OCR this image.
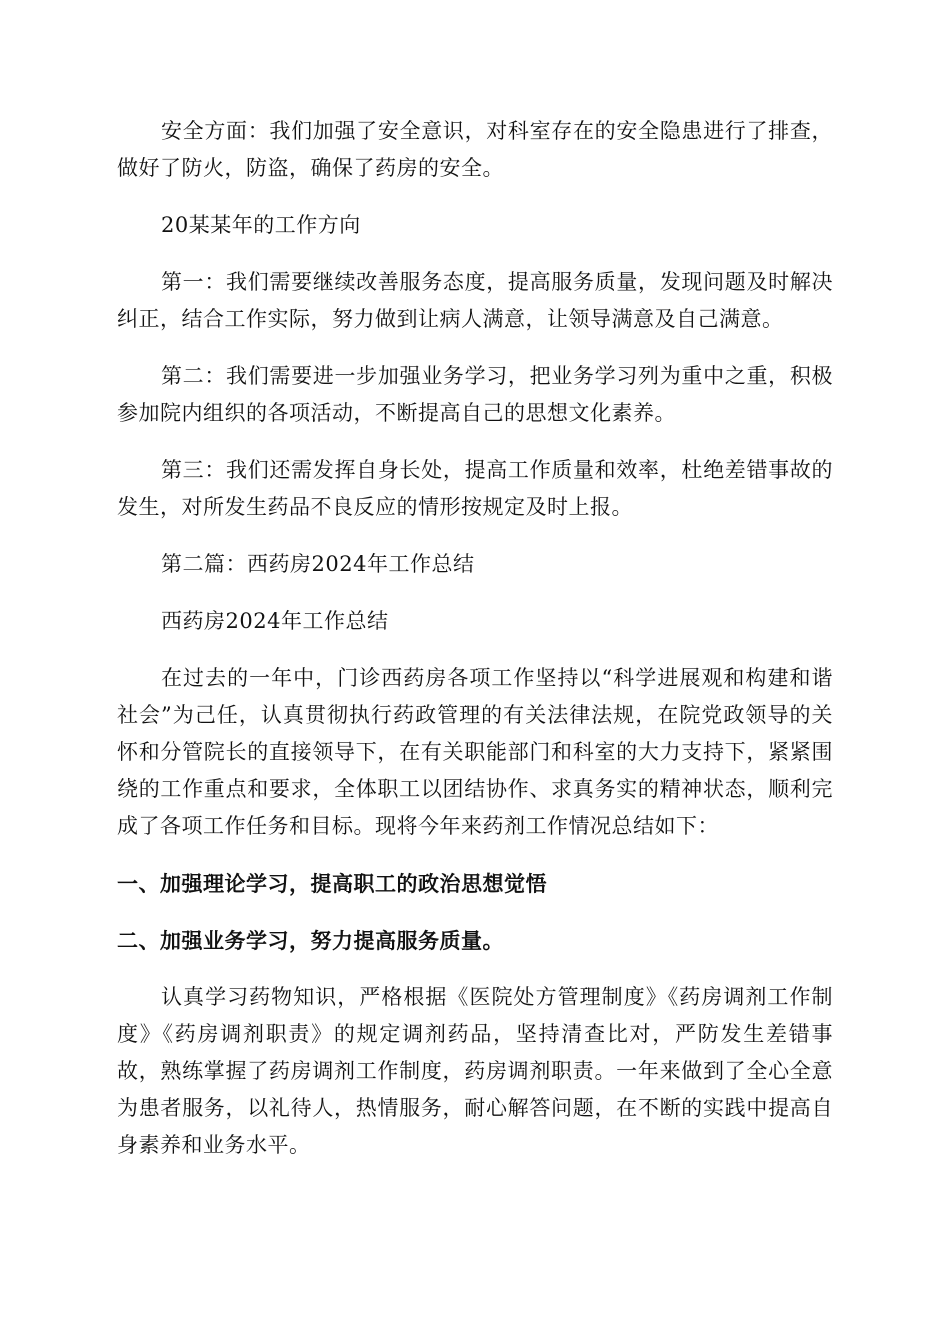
安全方面：我们加强了安全意识，对科室存在的安全隐患进行了排查，做好了防火，防盗，确保了药房的安全。

20某某年的工作方向

第一：我们需要继续改善服务态度，提高服务质量，发现问题及时解决纠正，结合工作实际，努力做到让病人满意，让领导满意及自己满意。

第二：我们需要进一步加强业务学习，把业务学习列为重中之重，积极参加院内组织的各项活动，不断提高自己的思想文化素养。

第三：我们还需发挥自身长处，提高工作质量和效率，杜绝差错事故的发生，对所发生药品不良反应的情形按规定及时上报。

第二篇：西药房2024年工作总结

西药房2024年工作总结

在过去的一年中，门诊西药房各项工作坚持以“科学进展观和构建和谐社会”为己任，认真贯彻执行药政管理的有关法律法规，在院党政领导的关怀和分管院长的直接领导下，在有关职能部门和科室的大力支持下，紧紧围绕的工作重点和要求，全体职工以团结协作、求真务实的精神状态，顺利完成了各项工作任务和目标。现将今年来药剂工作情况总结如下：

一、加强理论学习，提高职工的政治思想觉悟

二、加强业务学习，努力提高服务质量。

认真学习药物知识，严格根据《医院处方管理制度》《药房调剂工作制度》《药房调剂职责》的规定调剂药品，坚持清查比对，严防发生差错事故，熟练掌握了药房调剂工作制度，药房调剂职责。一年来做到了全心全意为患者服务，以礼待人，热情服务，耐心解答问题，在不断的实践中提高自身素养和业务水平。
